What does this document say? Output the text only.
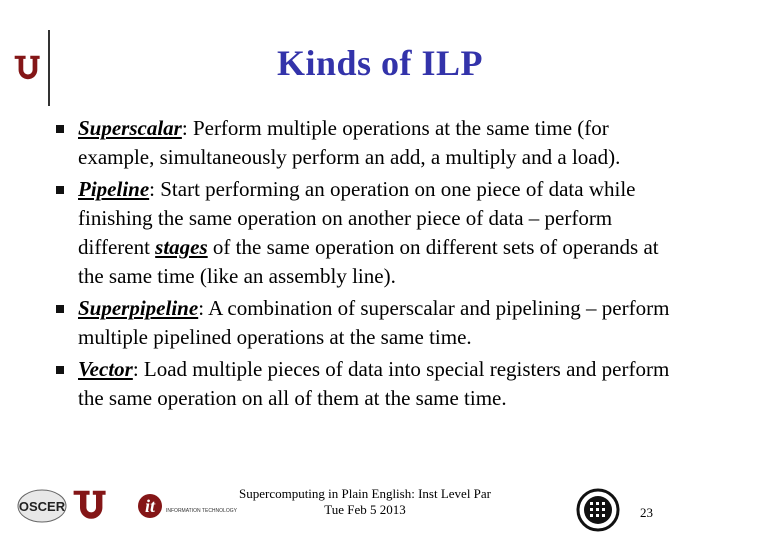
Kinds of ILP
Superscalar: Perform multiple operations at the same time (for example, simultaneously perform an add, a multiply and a load).
Pipeline: Start performing an operation on one piece of data while finishing the same operation on another piece of data – perform different stages of the same operation on different sets of operands at the same time (like an assembly line).
Superpipeline: A combination of superscalar and pipelining – perform multiple pipelined operations at the same time.
Vector: Load multiple pieces of data into special registers and perform the same operation on all of them at the same time.
OSCER	it INFORMATION TECHNOLOGY
Supercomputing in Plain English: Inst Level Par
Tue Feb 5 2013	23
